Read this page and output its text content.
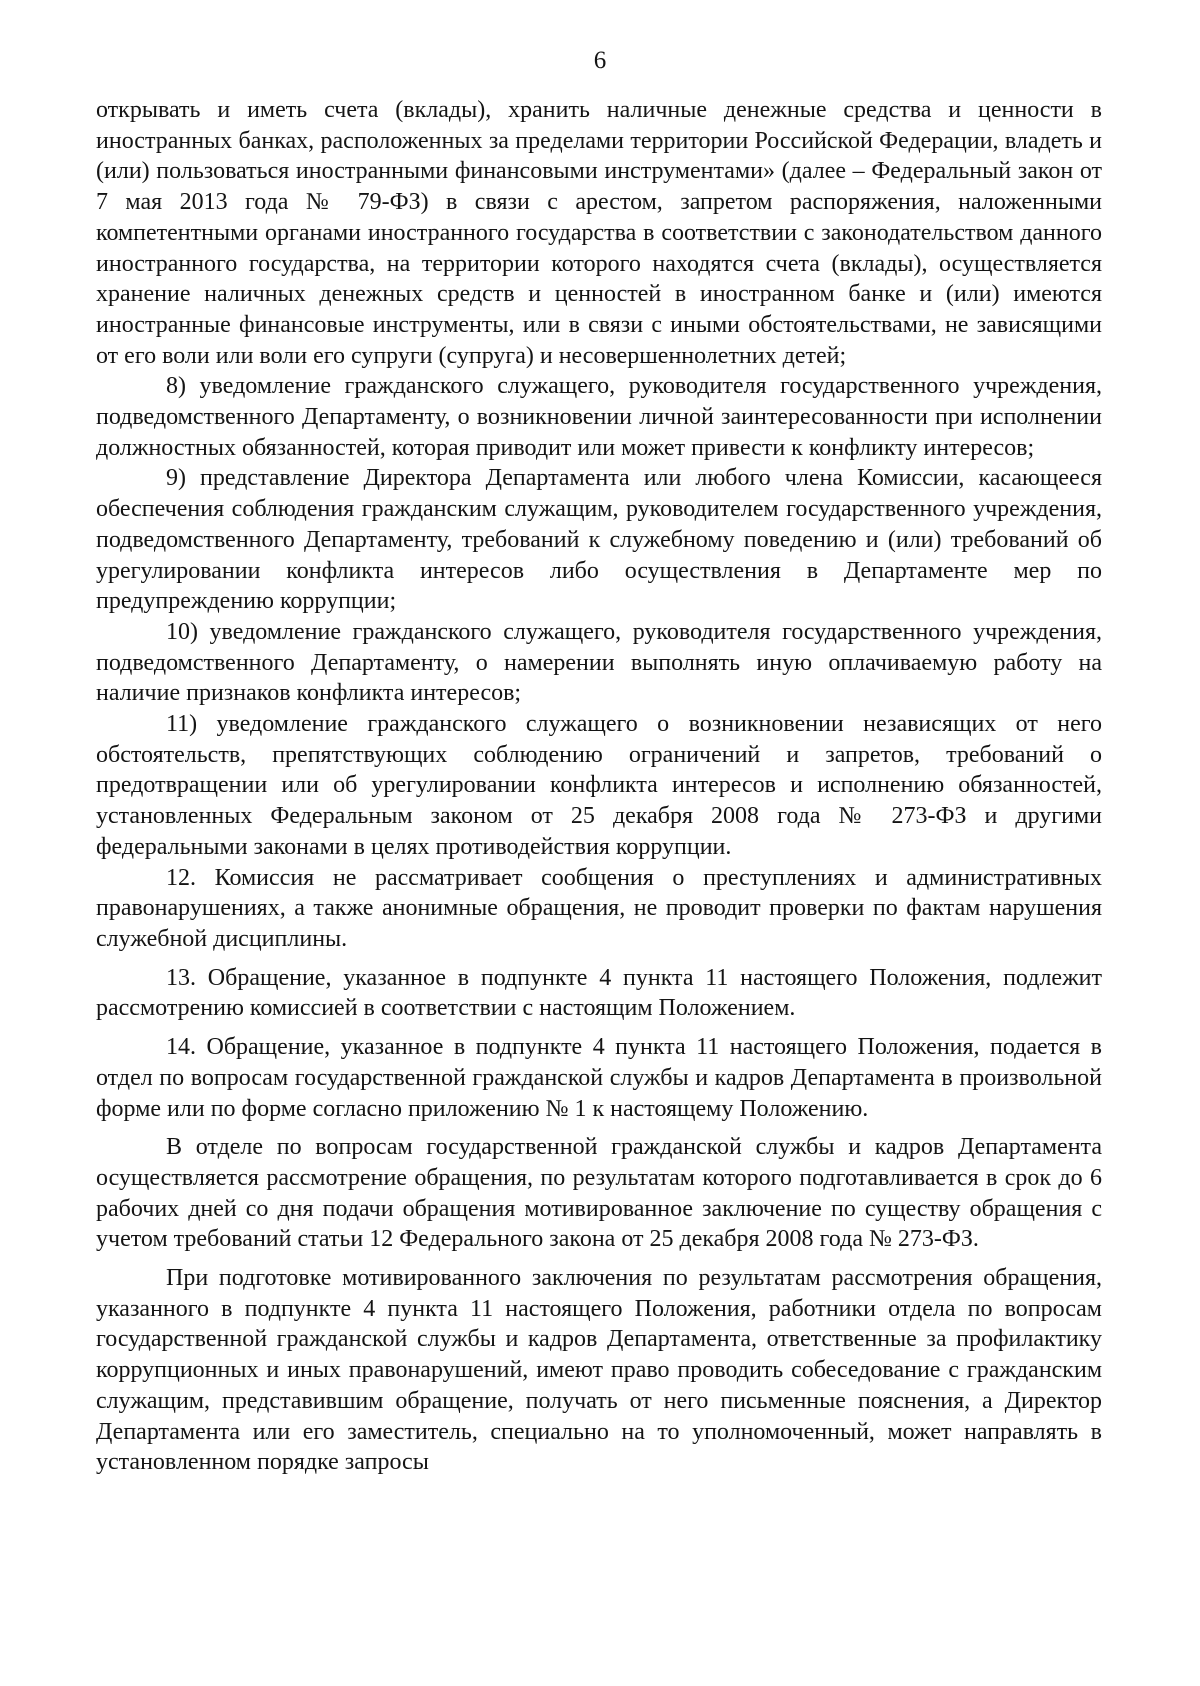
6

открывать и иметь счета (вклады), хранить наличные денежные средства и ценности в иностранных банках, расположенных за пределами территории Российской Федерации, владеть и (или) пользоваться иностранными финансовыми инструментами» (далее – Федеральный закон от 7 мая 2013 года № 79-ФЗ) в связи с арестом, запретом распоряжения, наложенными компетентными органами иностранного государства в соответствии с законодательством данного иностранного государства, на территории которого находятся счета (вклады), осуществляется хранение наличных денежных средств и ценностей в иностранном банке и (или) имеются иностранные финансовые инструменты, или в связи с иными обстоятельствами, не зависящими от его воли или воли его супруги (супруга) и несовершеннолетних детей;

8) уведомление гражданского служащего, руководителя государственного учреждения, подведомственного Департаменту, о возникновении личной заинтересованности при исполнении должностных обязанностей, которая приводит или может привести к конфликту интересов;

9) представление Директора Департамента или любого члена Комиссии, касающееся обеспечения соблюдения гражданским служащим, руководителем государственного учреждения, подведомственного Департаменту, требований к служебному поведению и (или) требований об урегулировании конфликта интересов либо осуществления в Департаменте мер по предупреждению коррупции;

10) уведомление гражданского служащего, руководителя государственного учреждения, подведомственного Департаменту, о намерении выполнять иную оплачиваемую работу на наличие признаков конфликта интересов;

11) уведомление гражданского служащего о возникновении независящих от него обстоятельств, препятствующих соблюдению ограничений и запретов, требований о предотвращении или об урегулировании конфликта интересов и исполнению обязанностей, установленных Федеральным законом от 25 декабря 2008 года № 273-ФЗ и другими федеральными законами в целях противодействия коррупции.

12. Комиссия не рассматривает сообщения о преступлениях и административных правонарушениях, а также анонимные обращения, не проводит проверки по фактам нарушения служебной дисциплины.

13. Обращение, указанное в подпункте 4 пункта 11 настоящего Положения, подлежит рассмотрению комиссией в соответствии с настоящим Положением.

14. Обращение, указанное в подпункте 4 пункта 11 настоящего Положения, подается в отдел по вопросам государственной гражданской службы и кадров Департамента в произвольной форме или по форме согласно приложению № 1 к настоящему Положению.

В отделе по вопросам государственной гражданской службы и кадров Департамента осуществляется рассмотрение обращения, по результатам которого подготавливается в срок до 6 рабочих дней со дня подачи обращения мотивированное заключение по существу обращения с учетом требований статьи 12 Федерального закона от 25 декабря 2008 года № 273-ФЗ.

При подготовке мотивированного заключения по результатам рассмотрения обращения, указанного в подпункте 4 пункта 11 настоящего Положения, работники отдела по вопросам государственной гражданской службы и кадров Департамента, ответственные за профилактику коррупционных и иных правонарушений, имеют право проводить собеседование с гражданским служащим, представившим обращение, получать от него письменные пояснения, а Директор Департамента или его заместитель, специально на то уполномоченный, может направлять в установленном порядке запросы
